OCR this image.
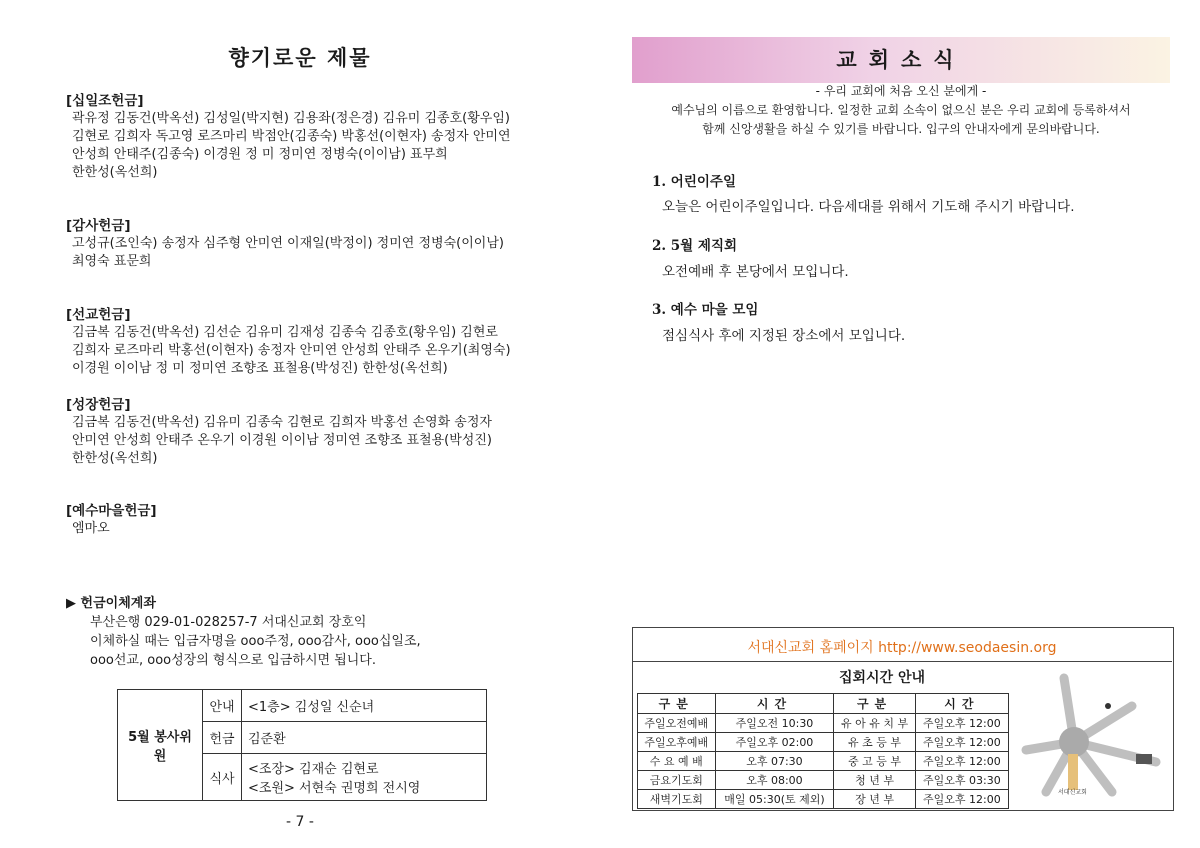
향기로운 제물
[십일조헌금]
곽유정 김동건(박옥선) 김성일(박지현) 김용좌(정은경) 김유미 김종호(황우임)
김현로 김희자 독고영 로즈마리 박점안(김종숙) 박홍선(이현자) 송정자 안미연
안성희 안태주(김종숙) 이경원 정 미 정미연 정병숙(이이남) 표무희
한한성(옥선희)
[감사헌금]
고성규(조인숙) 송정자 심주형 안미연 이재일(박정이) 정미연 정병숙(이이남)
최영숙 표문희
[선교헌금]
김금복 김동건(박옥선) 김선순 김유미 김재성 김종숙 김종호(황우임) 김현로
김희자 로즈마리 박홍선(이현자) 송정자 안미연 안성희 안태주 온우기(최영숙)
이경원 이이남 정 미 정미연 조향조 표철용(박성진) 한한성(옥선희)
[성장헌금]
김금복 김동건(박옥선) 김유미 김종숙 김현로 김희자 박홍선 손영화 송정자
안미연 안성희 안태주 온우기 이경원 이이남 정미연 조향조 표철용(박성진)
한한성(옥선희)
[예수마을헌금]
엠마오
▶ 헌금이체계좌
부산은행 029-01-028257-7 서대신교회 장호익
이체하실 때는 입금자명을 ooo주정, ooo감사, ooo십일조,
ooo선교, ooo성장의 형식으로 입금하시면 됩니다.
5월 봉사위원	안내	<1층> 김성일 신순녀
	헌금	김준환
	식사	<조장> 김재순 김현로
<조원> 서현숙 권명희 전시영
- 7 -
교회소식
- 우리 교회에 처음 오신 분에게 -
예수님의 이름으로 환영합니다. 일정한 교회 소속이 없으신 분은 우리 교회에 등록하셔서
함께 신앙생활을 하실 수 있기를 바랍니다. 입구의 안내자에게 문의바랍니다.
1. 어린이주일
오늘은 어린이주일입니다. 다음세대를 위해서 기도해 주시기 바랍니다.
2. 5월 제직회
오전예배 후 본당에서 모입니다.
3. 예수 마을 모임
점심식사 후에 지정된 장소에서 모입니다.
서대신교회 홈페이지 http://www.seodaesin.org
집회시간 안내
구분	시간	구분	시간
주일오전예배	주일오전 10:30	유 아 유 치 부	주일오후 12:00
주일오후예배	주일오후 02:00	유 초 등 부	주일오후 12:00
수 요 예 배	오후 07:30	중 고 등 부	주일오후 12:00
금요기도회	오후 08:00	청 년 부	주일오후 03:30
새벽기도회	매일 05:30(토 제외)	장 년 부	주일오후 12:00
서대신교회
